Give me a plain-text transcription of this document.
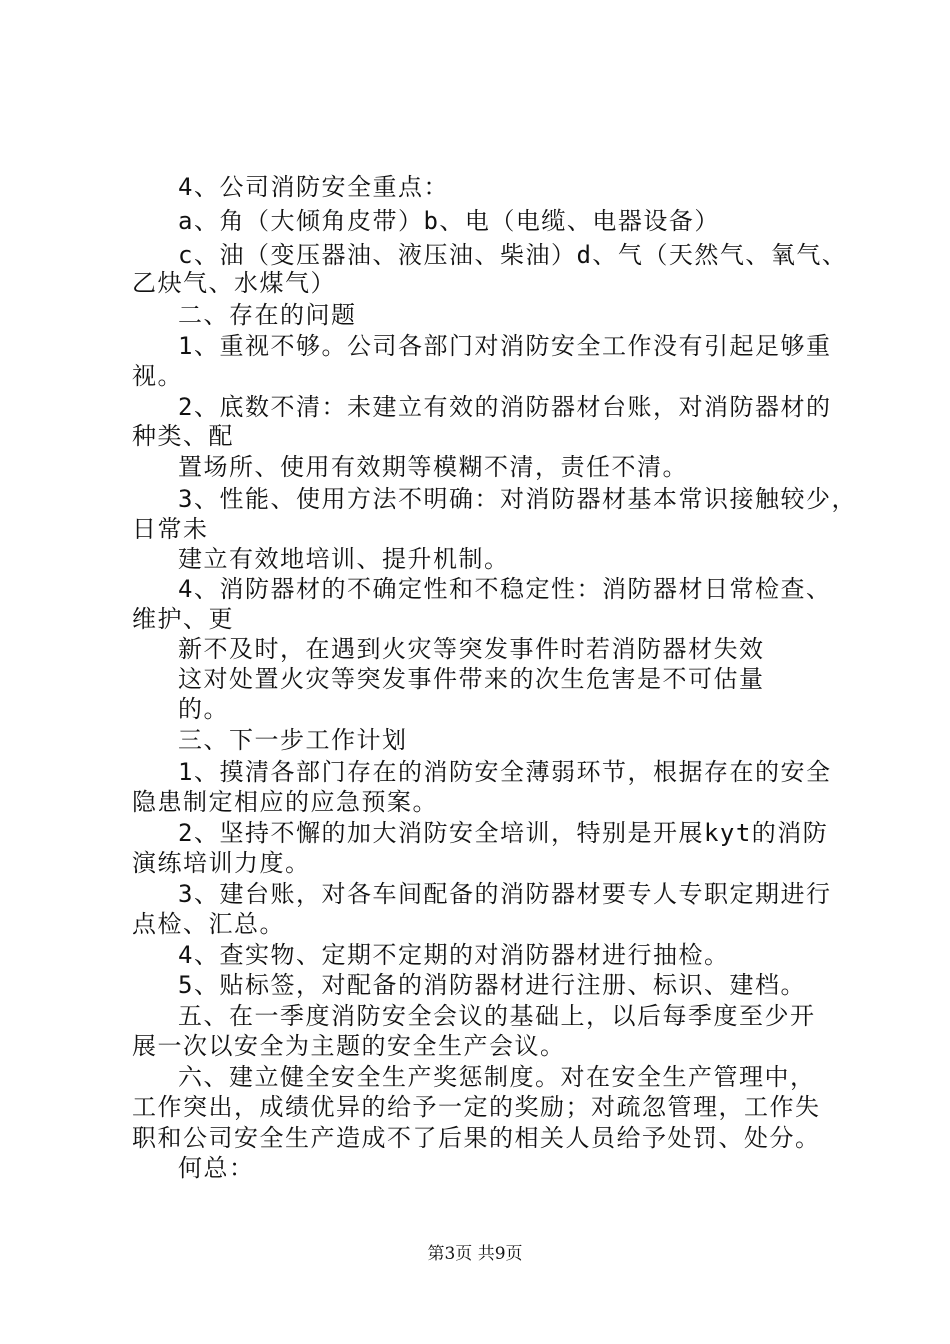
4、公司消防安全重点：
a、角（大倾角皮带）b、电（电缆、电器设备）
c、油（变压器油、液压油、柴油）d、气（天然气、氧气、
乙炔气、水煤气）
二、存在的问题
1、重视不够。公司各部门对消防安全工作没有引起足够重
视。
2、底数不清：未建立有效的消防器材台账，对消防器材的
种类、配
置场所、使用有效期等模糊不清，责任不清。
3、性能、使用方法不明确：对消防器材基本常识接触较少，
日常未
建立有效地培训、提升机制。
4、消防器材的不确定性和不稳定性：消防器材日常检查、
维护、更
新不及时，在遇到火灾等突发事件时若消防器材失效
这对处置火灾等突发事件带来的次生危害是不可估量
的。
三、下一步工作计划
1、摸清各部门存在的消防安全薄弱环节，根据存在的安全
隐患制定相应的应急预案。
2、坚持不懈的加大消防安全培训，特别是开展kyt的消防
演练培训力度。
3、建台账，对各车间配备的消防器材要专人专职定期进行
点检、汇总。
4、查实物、定期不定期的对消防器材进行抽检。
5、贴标签，对配备的消防器材进行注册、标识、建档。
五、在一季度消防安全会议的基础上，以后每季度至少开
展一次以安全为主题的安全生产会议。
六、建立健全安全生产奖惩制度。对在安全生产管理中，
工作突出，成绩优异的给予一定的奖励；对疏忽管理，工作失
职和公司安全生产造成不了后果的相关人员给予处罚、处分。
何总：
第3页 共9页
